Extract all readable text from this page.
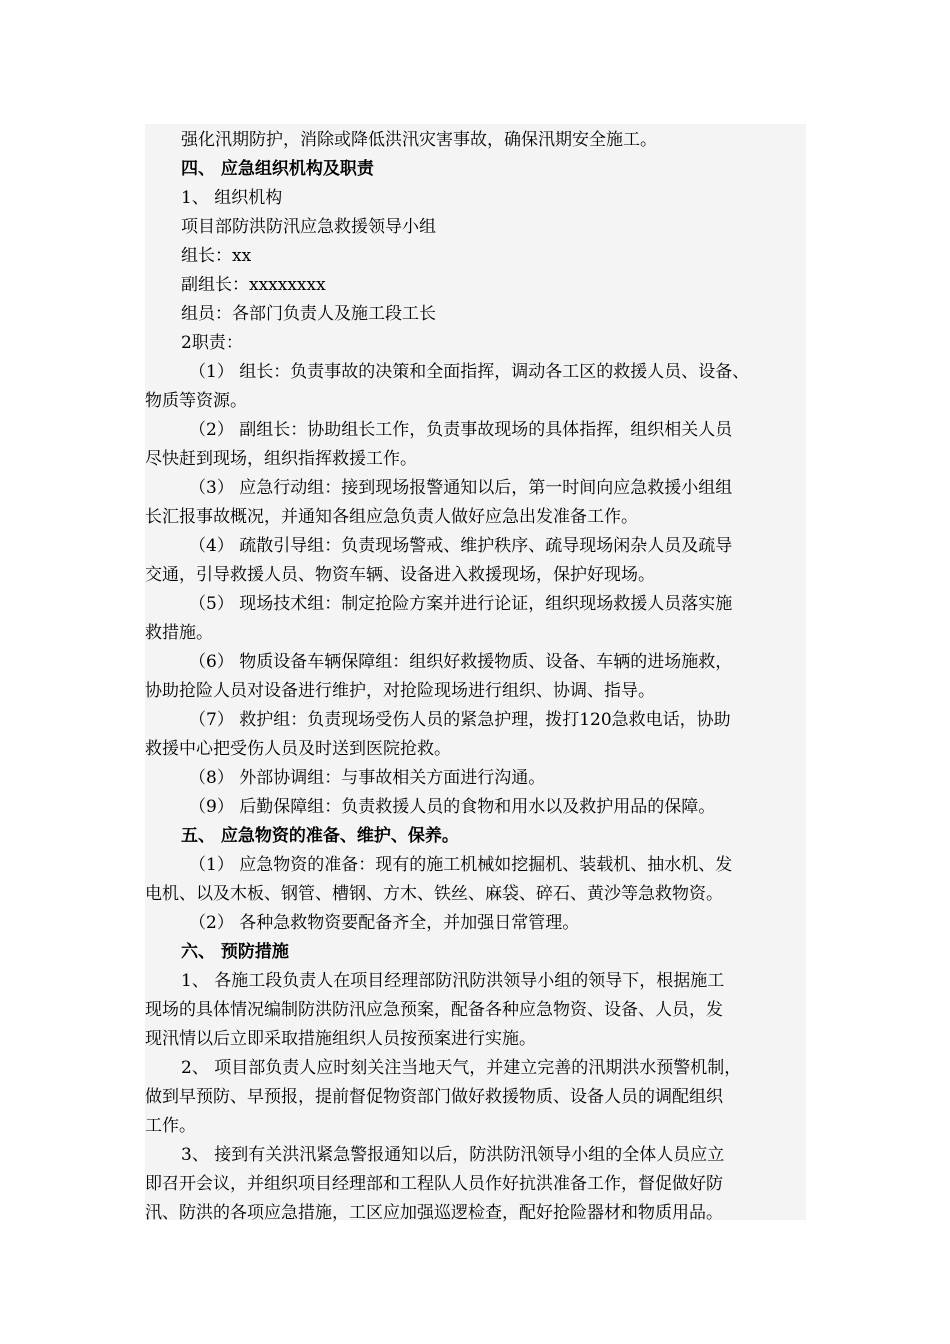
强化汛期防护，消除或降低洪汛灾害事故，确保汛期安全施工。

四、 应急组织机构及职责

1、 组织机构

项目部防洪防汛应急救援领导小组

组长：xx

副组长：xxxxxxxx

组员：各部门负责人及施工段工长

2职责：

（1） 组长：负责事故的决策和全面指挥，调动各工区的救援人员、设备、

物质等资源。

（2） 副组长：协助组长工作，负责事故现场的具体指挥，组织相关人员

尽快赶到现场，组织指挥救援工作。

（3） 应急行动组：接到现场报警通知以后，第一时间向应急救援小组组

长汇报事故概况，并通知各组应急负责人做好应急出发准备工作。

（4） 疏散引导组：负责现场警戒、维护秩序、疏导现场闲杂人员及疏导

交通，引导救援人员、物资车辆、设备进入救援现场，保护好现场。

（5） 现场技术组：制定抢险方案并进行论证，组织现场救援人员落实施

救措施。

（6） 物质设备车辆保障组：组织好救援物质、设备、车辆的进场施救，

协助抢险人员对设备进行维护，对抢险现场进行组织、协调、指导。

（7） 救护组：负责现场受伤人员的紧急护理，拨打120急救电话，协助

救援中心把受伤人员及时送到医院抢救。

（8） 外部协调组：与事故相关方面进行沟通。

（9） 后勤保障组：负责救援人员的食物和用水以及救护用品的保障。

五、 应急物资的准备、维护、保养。

（1） 应急物资的准备：现有的施工机械如挖掘机、装载机、抽水机、发

电机、以及木板、钢管、槽钢、方木、铁丝、麻袋、碎石、黄沙等急救物资。

（2） 各种急救物资要配备齐全，并加强日常管理。

六、 预防措施

1、 各施工段负责人在项目经理部防汛防洪领导小组的领导下，根据施工

现场的具体情况编制防洪防汛应急预案，配备各种应急物资、设备、人员，发

现汛情以后立即采取措施组织人员按预案进行实施。

2、 项目部负责人应时刻关注当地天气，并建立完善的汛期洪水预警机制，

做到早预防、早预报，提前督促物资部门做好救援物质、设备人员的调配组织

工作。

3、 接到有关洪汛紧急警报通知以后，防洪防汛领导小组的全体人员应立

即召开会议，并组织项目经理部和工程队人员作好抗洪准备工作，督促做好防

汛、防洪的各项应急措施，工区应加强巡逻检查，配好抢险器材和物质用品。
